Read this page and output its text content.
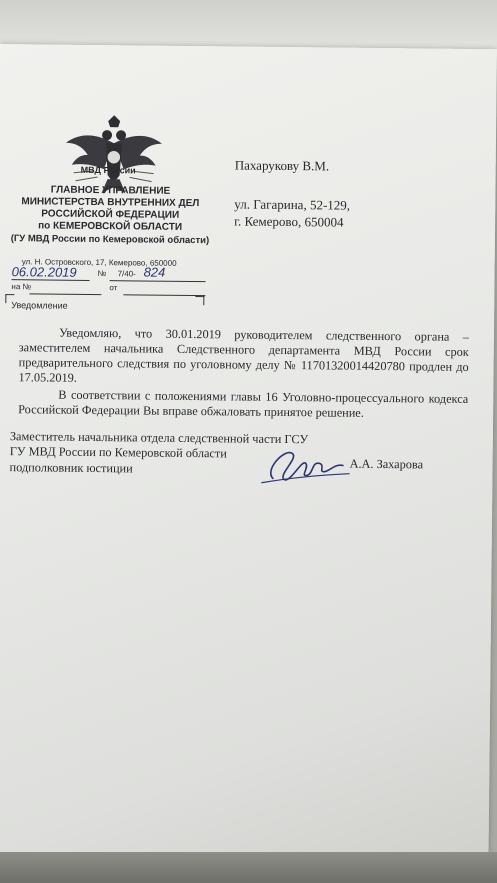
МВД России
ГЛАВНОЕ УПРАВЛЕНИЕ
МИНИСТЕРСТВА ВНУТРЕННИХ ДЕЛ
РОССИЙСКОЙ ФЕДЕРАЦИИ
по КЕМЕРОВСКОЙ ОБЛАСТИ
(ГУ МВД России по Кемеровской области)
ул. Н. Островского, 17, Кемерово, 650000
06.02.2019	№ 7/40- 824
на №	от
Уведомление
Пахарукову В.М.
ул. Гагарина, 52-129,
г. Кемерово, 650004
Уведомляю, что 30.01.2019 руководителем следственного органа – заместителем начальника Следственного департамента МВД России срок предварительного следствия по уголовному делу № 11701320014420780 продлен до 17.05.2019.
В соответствии с положениями главы 16 Уголовно-процессуального кодекса Российской Федерации Вы вправе обжаловать принятое решение.
Заместитель начальника отдела следственной части ГСУ
ГУ МВД России по Кемеровской области
подполковник юстиции	А.А. Захарова
